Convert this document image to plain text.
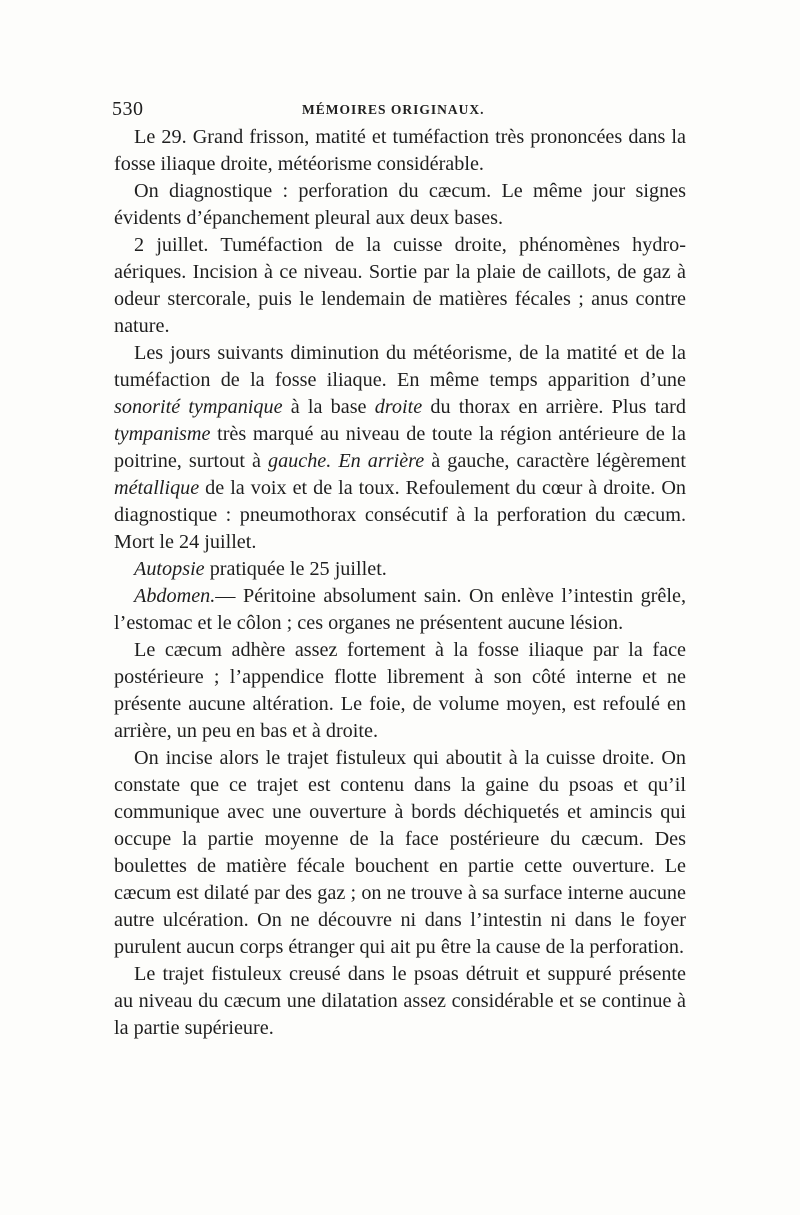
530	MÉMOIRES ORIGINAUX.

Le 29. Grand frisson, matité et tuméfaction très prononcées dans la fosse iliaque droite, météorisme considérable.

On diagnostique : perforation du cæcum. Le même jour signes évidents d’épanchement pleural aux deux bases.

2 juillet. Tuméfaction de la cuisse droite, phénomènes hydro-aériques. Incision à ce niveau. Sortie par la plaie de caillots, de gaz à odeur stercorale, puis le lendemain de matières fécales ; anus contre nature.

Les jours suivants diminution du météorisme, de la matité et de la tuméfaction de la fosse iliaque. En même temps apparition d’une sonorité tympanique à la base droite du thorax en arrière. Plus tard tympanisme très marqué au niveau de toute la région antérieure de la poitrine, surtout à gauche. En arrière à gauche, caractère légèrement métallique de la voix et de la toux. Refoulement du cœur à droite. On diagnostique : pneumothorax consécutif à la perforation du cæcum. Mort le 24 juillet.

Autopsie pratiquée le 25 juillet.

Abdomen.— Péritoine absolument sain. On enlève l’intestin grêle, l’estomac et le côlon ; ces organes ne présentent aucune lésion.

Le cæcum adhère assez fortement à la fosse iliaque par la face postérieure ; l’appendice flotte librement à son côté interne et ne présente aucune altération. Le foie, de volume moyen, est refoulé en arrière, un peu en bas et à droite.

On incise alors le trajet fistuleux qui aboutit à la cuisse droite. On constate que ce trajet est contenu dans la gaine du psoas et qu’il communique avec une ouverture à bords déchiquetés et amincis qui occupe la partie moyenne de la face postérieure du cæcum. Des boulettes de matière fécale bouchent en partie cette ouverture. Le cæcum est dilaté par des gaz ; on ne trouve à sa surface interne aucune autre ulcération. On ne découvre ni dans l’intestin ni dans le foyer purulent aucun corps étranger qui ait pu être la cause de la perforation.

Le trajet fistuleux creusé dans le psoas détruit et suppuré présente au niveau du cæcum une dilatation assez considérable et se continue à la partie supérieure.
